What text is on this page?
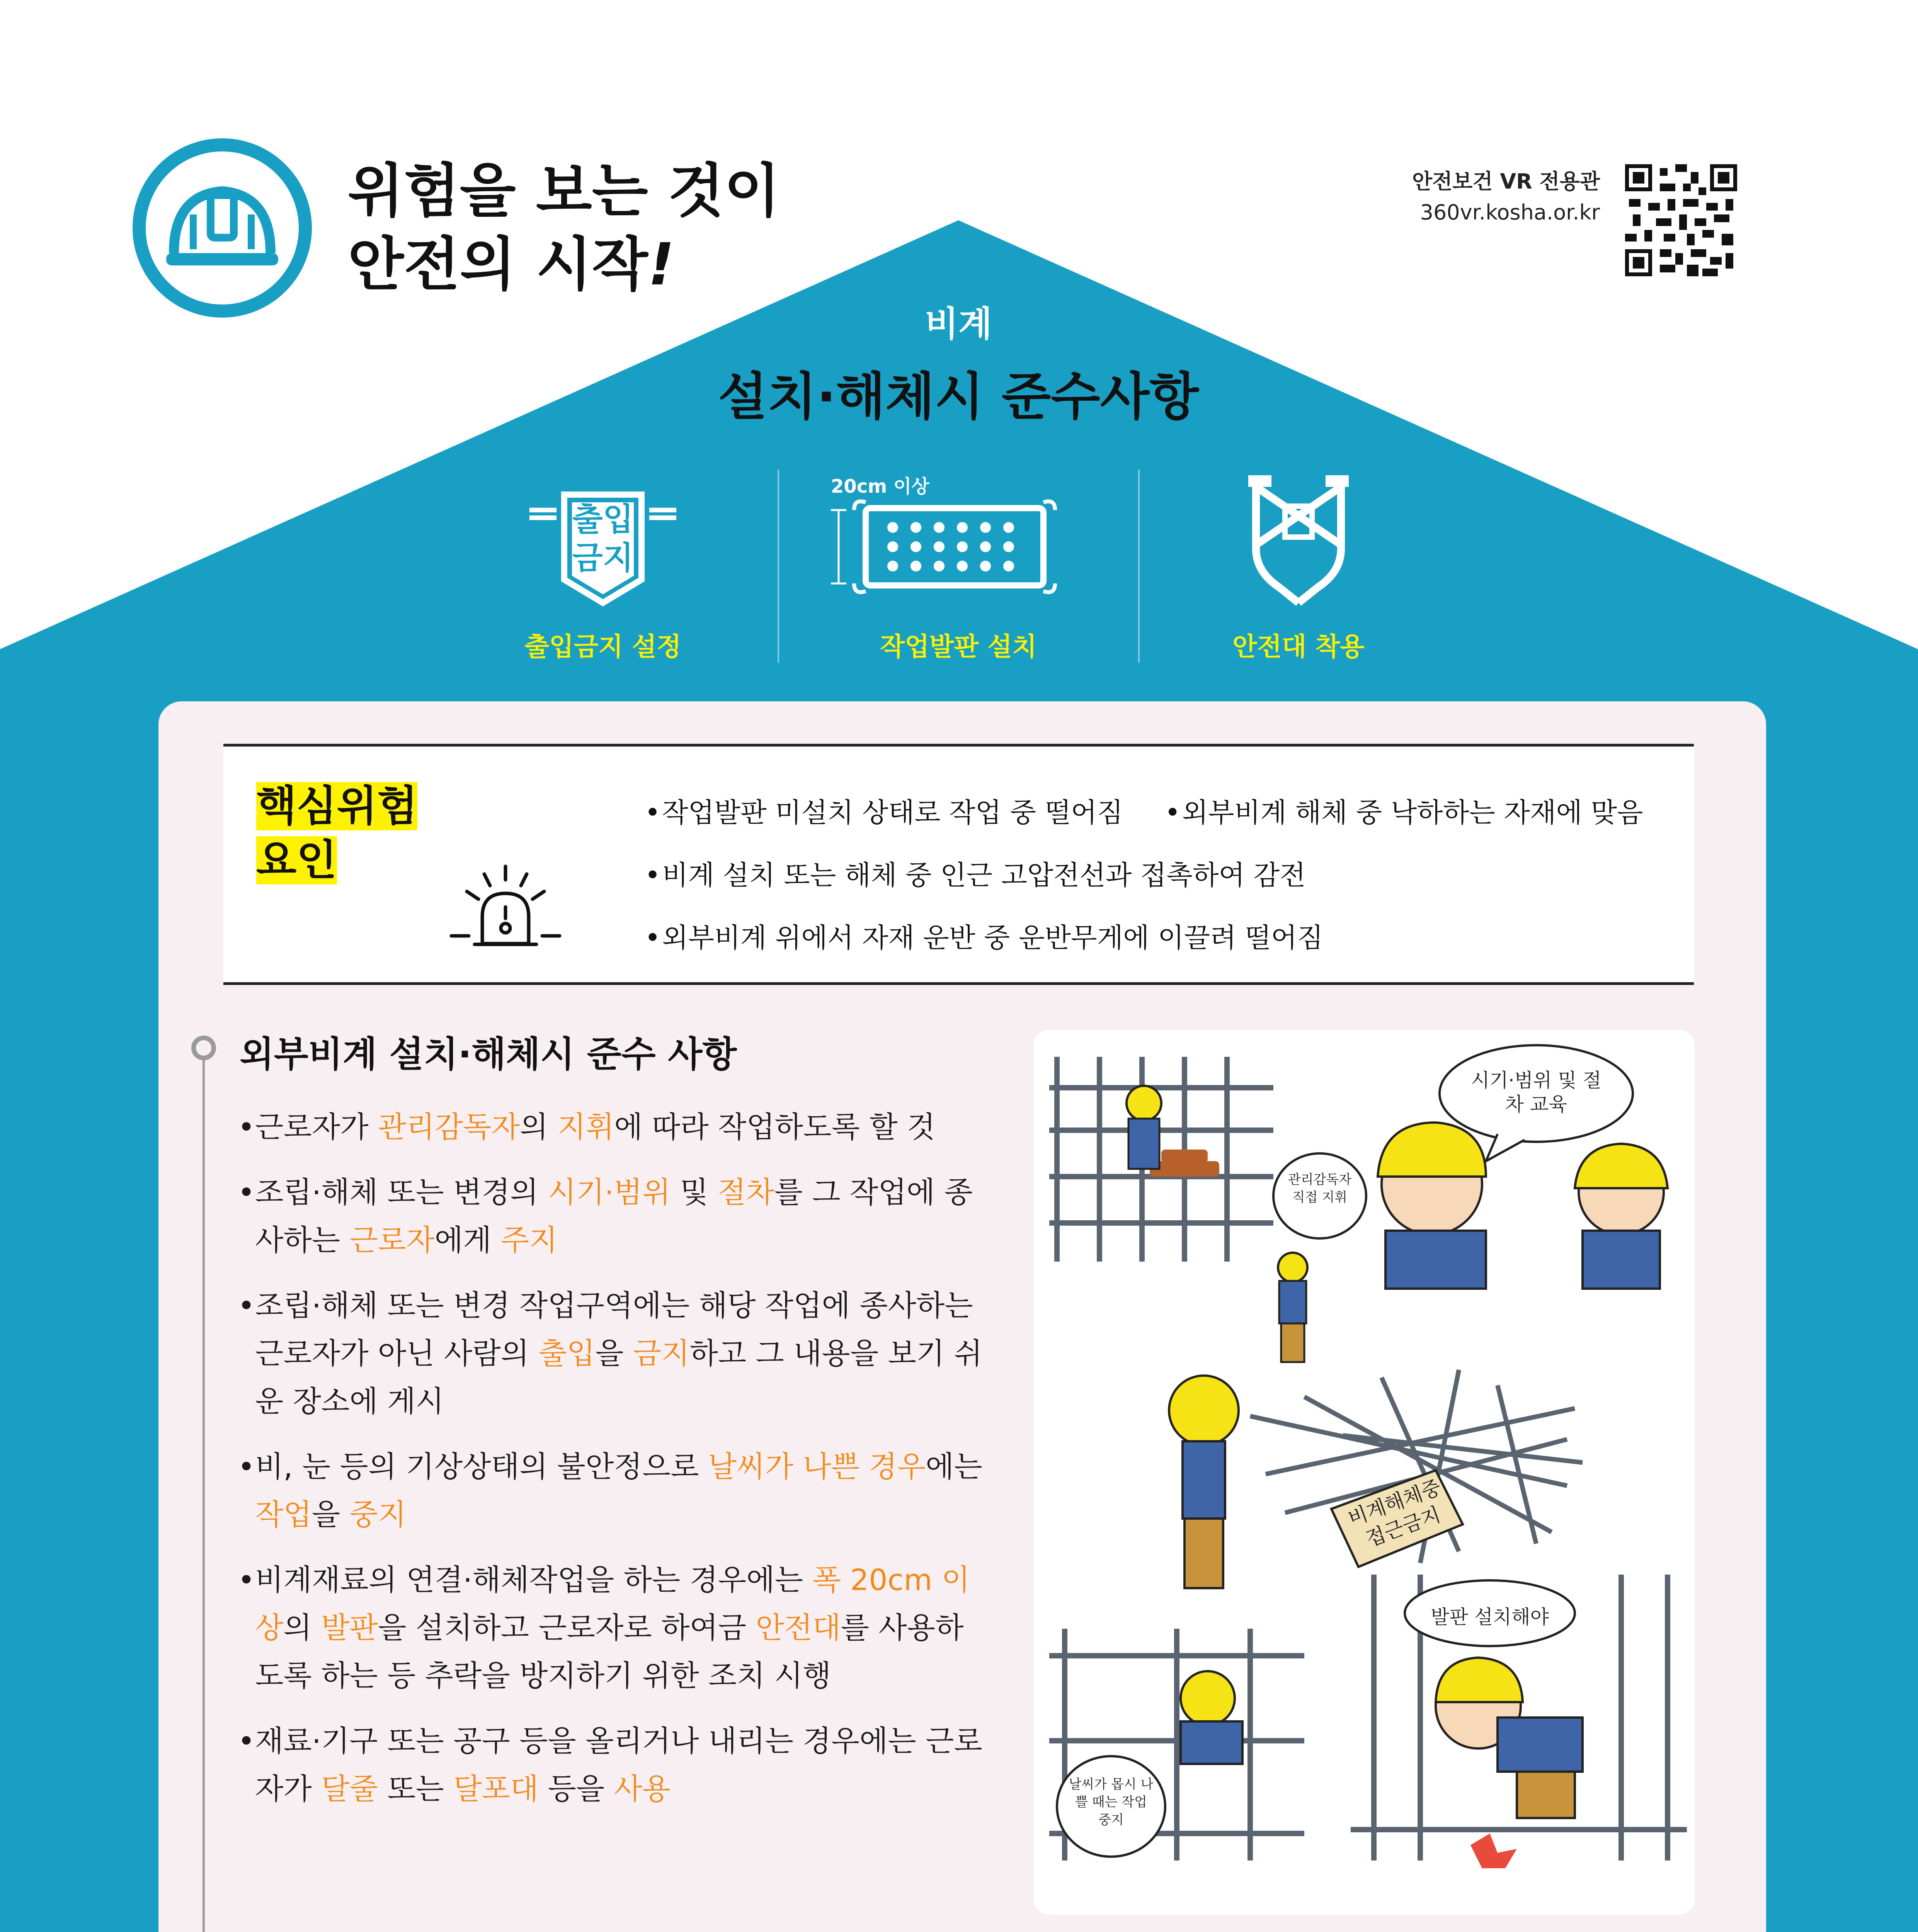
위험을 보는 것이
안전의 시작!
안전보건 VR 전용관
360vr.kosha.or.kr
비계
설치·해체시 준수사항
출입
금지
출입금지 설정
20cm 이상
작업발판 설치	안전대 착용
핵심위험
요인
• 작업발판 미설치 상태로 작업 중 떨어짐 • 외부비계 해체 중 낙하하는 자재에 맞음
• 비계 설치 또는 해체 중 인근 고압전선과 접촉하여 감전
• 외부비계 위에서 자재 운반 중 운반무게에 이끌려 떨어짐
외부비계 설치·해체시 준수 사항
• 근로자가 관리감독자의 지휘에 따라 작업하도록 할 것
• 조립·해체 또는 변경의 시기·범위 및 절차를 그 작업에 종사하는 근로자에게 주지
• 조립·해체 또는 변경 작업구역에는 해당 작업에 종사하는 근로자가 아닌 사람의 출입을 금지하고 그 내용을 보기 쉬운 장소에 게시
• 비, 눈 등의 기상상태의 불안정으로 날씨가 나쁜 경우에는 작업을 중지
• 비계재료의 연결·해체작업을 하는 경우에는 폭 20cm 이상의 발판을 설치하고 근로자로 하여금 안전대를 사용하도록 하는 등 추락을 방지하기 위한 조치 시행
• 재료·기구 또는 공구 등을 올리거나 내리는 경우에는 근로자가 달줄 또는 달포대 등을 사용
관리감독자 직접 지휘
시기·범위 및 절차 교육
비계해체중 접근금지
발판 설치해야
날씨가 몹시 나쁠 때는 작업 중지
